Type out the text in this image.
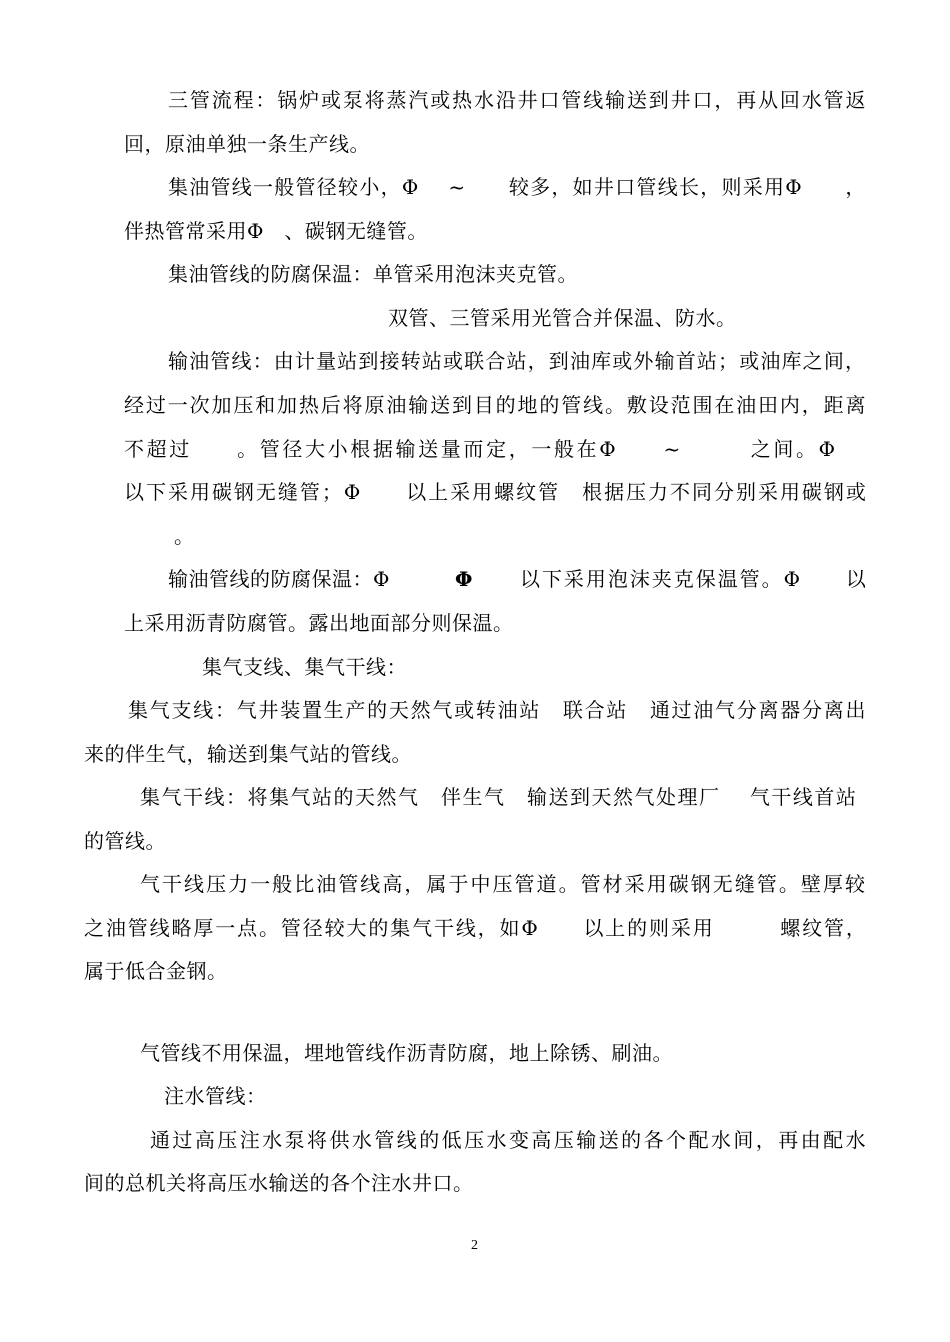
三管流程：锅炉或泵将蒸汽或热水沿井口管线输送到井口，再从回水管返
回，原油单独一条生产线。
集油管线一般管径较小，Φ　 ~　　较多，如井口管线长，则采用Φ　　，
伴热管常采用Φ　、碳钢无缝管。
集油管线的防腐保温：单管采用泡沫夹克管。
双管、三管采用光管合并保温、防水。
输油管线：由计量站到接转站或联合站，到油库或外输首站；或油库之间，
经过一次加压和加热后将原油输送到目的地的管线。敷设范围在油田内，距离
不超过　　。管径大小根据输送量而定，一般在Φ　　~　　　之间。Φ
以下采用碳钢无缝管；Φ　　以上采用螺纹管　根据压力不同分别采用碳钢或
。
输油管线的防腐保温：Φ	Φ 以下采用泡沫夹克保温管。Φ　　以
上采用沥青防腐管。露出地面部分则保温。
集气支线、集气干线：
集气支线：气井装置生产的天然气或转油站　联合站　通过油气分离器分离出
来的伴生气，输送到集气站的管线。
集气干线：将集气站的天然气　伴生气　输送到天然气处理厂　 气干线首站
的管线。
气干线压力一般比油管线高，属于中压管道。管材采用碳钢无缝管。壁厚较
之油管线略厚一点。管径较大的集气干线，如Φ　　以上的则采用　　　螺纹管，
属于低合金钢。
气管线不用保温，埋地管线作沥青防腐，地上除锈、刷油。
注水管线：
通过高压注水泵将供水管线的低压水变高压输送的各个配水间，再由配水
间的总机关将高压水输送的各个注水井口。
2
